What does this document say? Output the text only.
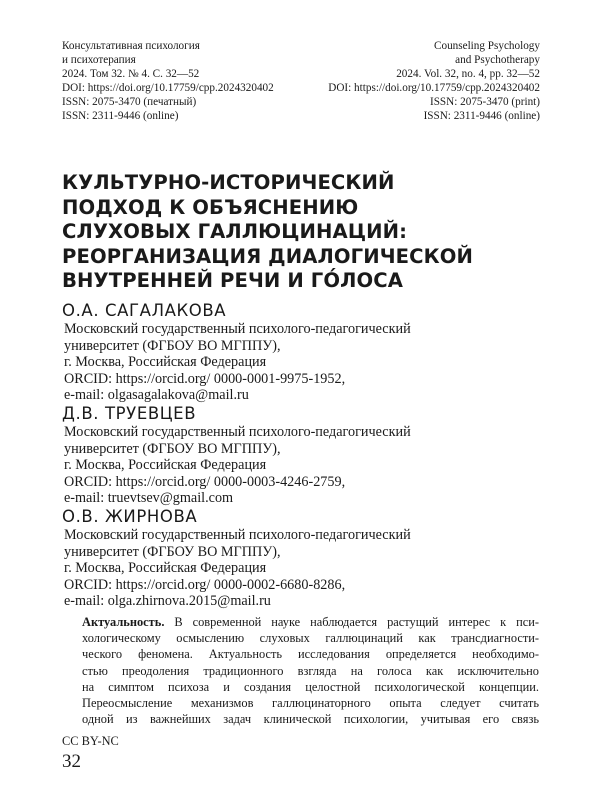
Консультативная психология
и психотерапия
2024. Том 32. № 4. С. 32—52
DOI: https://doi.org/10.17759/cpp.2024320402
ISSN: 2075-3470 (печатный)
ISSN: 2311-9446 (online)
Counseling Psychology
and Psychotherapy
2024. Vol. 32, no. 4, pp. 32—52
DOI: https://doi.org/10.17759/cpp.2024320402
ISSN: 2075-3470 (print)
ISSN: 2311-9446 (online)
КУЛЬТУРНО-ИСТОРИЧЕСКИЙ
ПОДХОД К ОБЪЯСНЕНИЮ
СЛУХОВЫХ ГАЛЛЮЦИНАЦИЙ:
РЕОРГАНИЗАЦИЯ ДИАЛОГИЧЕСКОЙ
ВНУТРЕННЕЙ РЕЧИ И ГО́ЛОСА
О.А. САГАЛАКОВА
Московский государственный психолого-педагогический
университет (ФГБОУ ВО МГППУ),
г. Москва, Российская Федерация
ORCID: https://orcid.org/ 0000-0001-9975-1952,
e-mail: olgasagalakova@mail.ru
Д.В. ТРУЕВЦЕВ
Московский государственный психолого-педагогический
университет (ФГБОУ ВО МГППУ),
г. Москва, Российская Федерация
ORCID: https://orcid.org/ 0000-0003-4246-2759,
e-mail: truevtsev@gmail.com
О.В. ЖИРНОВА
Московский государственный психолого-педагогический
университет (ФГБОУ ВО МГППУ),
г. Москва, Российская Федерация
ORCID: https://orcid.org/ 0000-0002-6680-8286,
e-mail: olga.zhirnova.2015@mail.ru
Актуальность. В современной науке наблюдается растущий интерес к пси-
хологическому осмыслению слуховых галлюцинаций как трансдиагности-
ческого феномена. Актуальность исследования определяется необходимо-
стью преодоления традиционного взгляда на голоса как исключительно
на симптом психоза и создания целостной психологической концепции.
Переосмысление механизмов галлюцинаторного опыта следует считать
одной из важнейших задач клинической психологии, учитывая его связь
CC BY-NC
32
